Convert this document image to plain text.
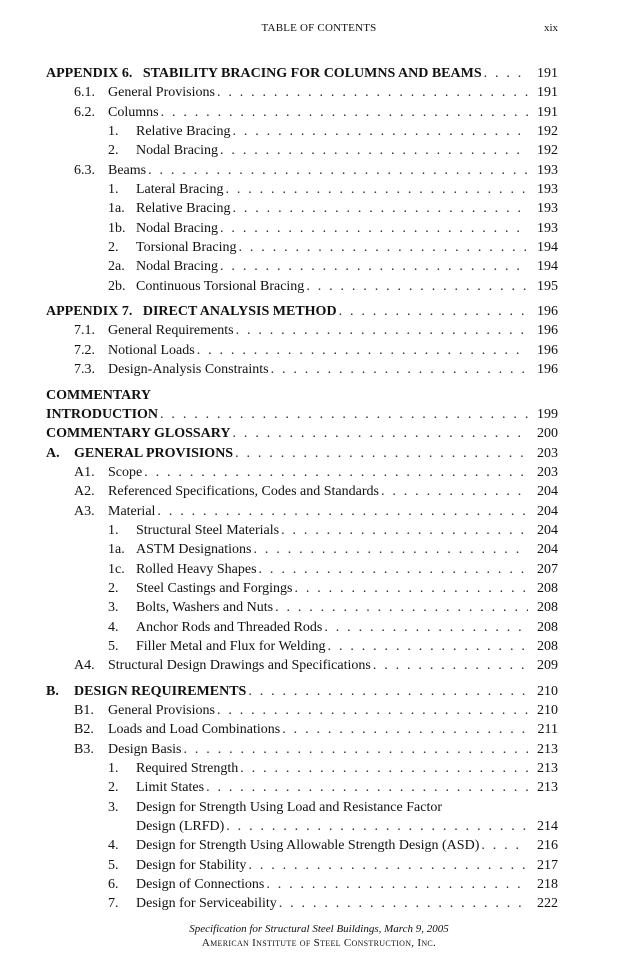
TABLE OF CONTENTS	xix
APPENDIX 6.   STABILITY BRACING FOR COLUMNS AND BEAMS . . .	191
6.1. General Provisions . . .	191
6.2. Columns . . .	191
1. Relative Bracing . . .	192
2. Nodal Bracing . . .	192
6.3. Beams . . .	193
1. Lateral Bracing . . .	193
1a. Relative Bracing . . .	193
1b. Nodal Bracing . . .	193
2. Torsional Bracing . . .	194
2a. Nodal Bracing . . .	194
2b. Continuous Torsional Bracing . . .	195
APPENDIX 7.   DIRECT ANALYSIS METHOD . . .	196
7.1. General Requirements . . .	196
7.2. Notional Loads . . .	196
7.3. Design-Analysis Constraints . . .	196
COMMENTARY
INTRODUCTION . . .	199
COMMENTARY GLOSSARY . . .	200
A. GENERAL PROVISIONS . . .	203
A1. Scope . . .	203
A2. Referenced Specifications, Codes and Standards . . .	204
A3. Material . . .	204
1. Structural Steel Materials . . .	204
1a. ASTM Designations . . .	204
1c. Rolled Heavy Shapes . . .	207
2. Steel Castings and Forgings . . .	208
3. Bolts, Washers and Nuts . . .	208
4. Anchor Rods and Threaded Rods . . .	208
5. Filler Metal and Flux for Welding . . .	208
A4. Structural Design Drawings and Specifications . . .	209
B. DESIGN REQUIREMENTS . . .	210
B1. General Provisions . . .	210
B2. Loads and Load Combinations . . .	211
B3. Design Basis . . .	213
1. Required Strength . . .	213
2. Limit States . . .	213
3. Design for Strength Using Load and Resistance Factor
Design (LRFD) . . .	214
4. Design for Strength Using Allowable Strength Design (ASD) . . .	216
5. Design for Stability . . .	217
6. Design of Connections . . .	218
7. Design for Serviceability . . .	222
Specification for Structural Steel Buildings, March 9, 2005
American Institute of Steel Construction, Inc.
